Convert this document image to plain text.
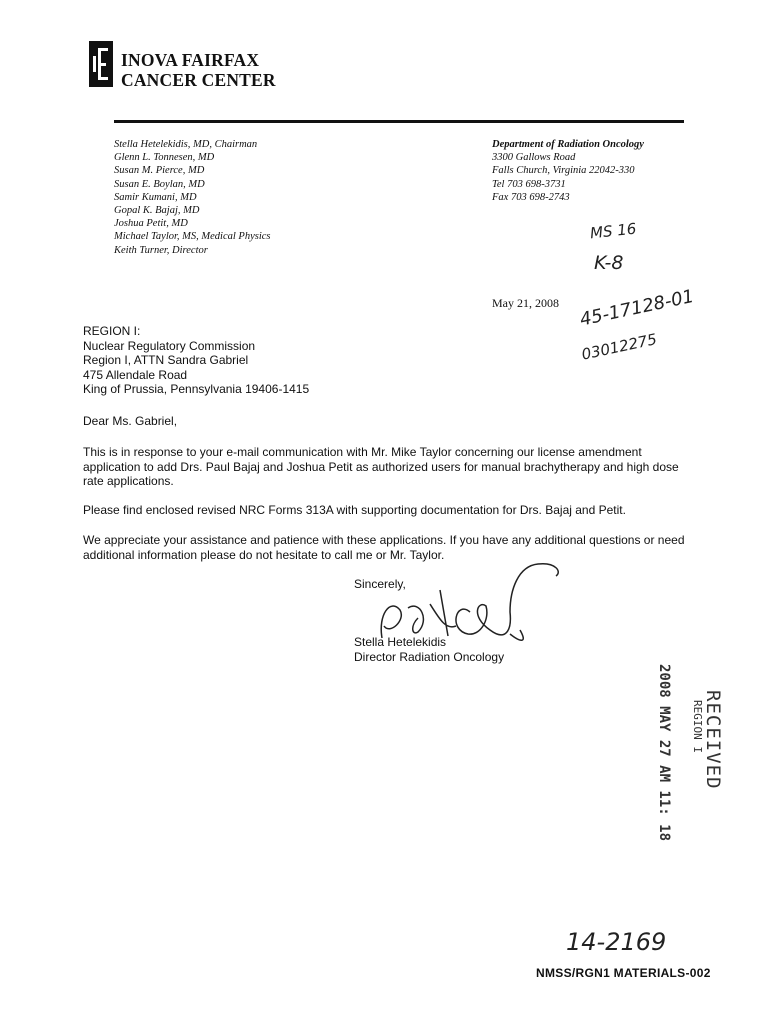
INOVA FAIRFAX
CANCER CENTER
Stella Hetelekidis, MD, Chairman
Glenn L. Tonnesen, MD
Susan M. Pierce, MD
Susan E. Boylan, MD
Samir Kumani, MD
Gopal K. Bajaj, MD
Joshua Petit, MD
Michael Taylor, MS, Medical Physics
Keith Turner, Director
Department of Radiation Oncology
3300 Gallows Road
Falls Church, Virginia 22042-330
Tel 703 698-3731
Fax 703 698-2743
MS 16
K-8
May 21, 2008 45-17128-01
03012275
REGION I:
Nuclear Regulatory Commission
Region I, ATTN Sandra Gabriel
475 Allendale Road
King of Prussia, Pennsylvania 19406-1415
Dear Ms. Gabriel,
This is in response to your e-mail communication with Mr. Mike Taylor concerning our license amendment application to add Drs. Paul Bajaj and Joshua Petit as authorized users for manual brachytherapy and high dose rate applications.
Please find enclosed revised NRC Forms 313A with supporting documentation for Drs. Bajaj and Petit.
We appreciate your assistance and patience with these applications. If you have any additional questions or need additional information please do not hesitate to call me or Mr. Taylor.
Sincerely,
Stella Hetelekidis
Director Radiation Oncology
RECEIVED
REGION I
2008 MAY 27 AM 11: 18
14-2169
NMSS/RGN1 MATERIALS-002
